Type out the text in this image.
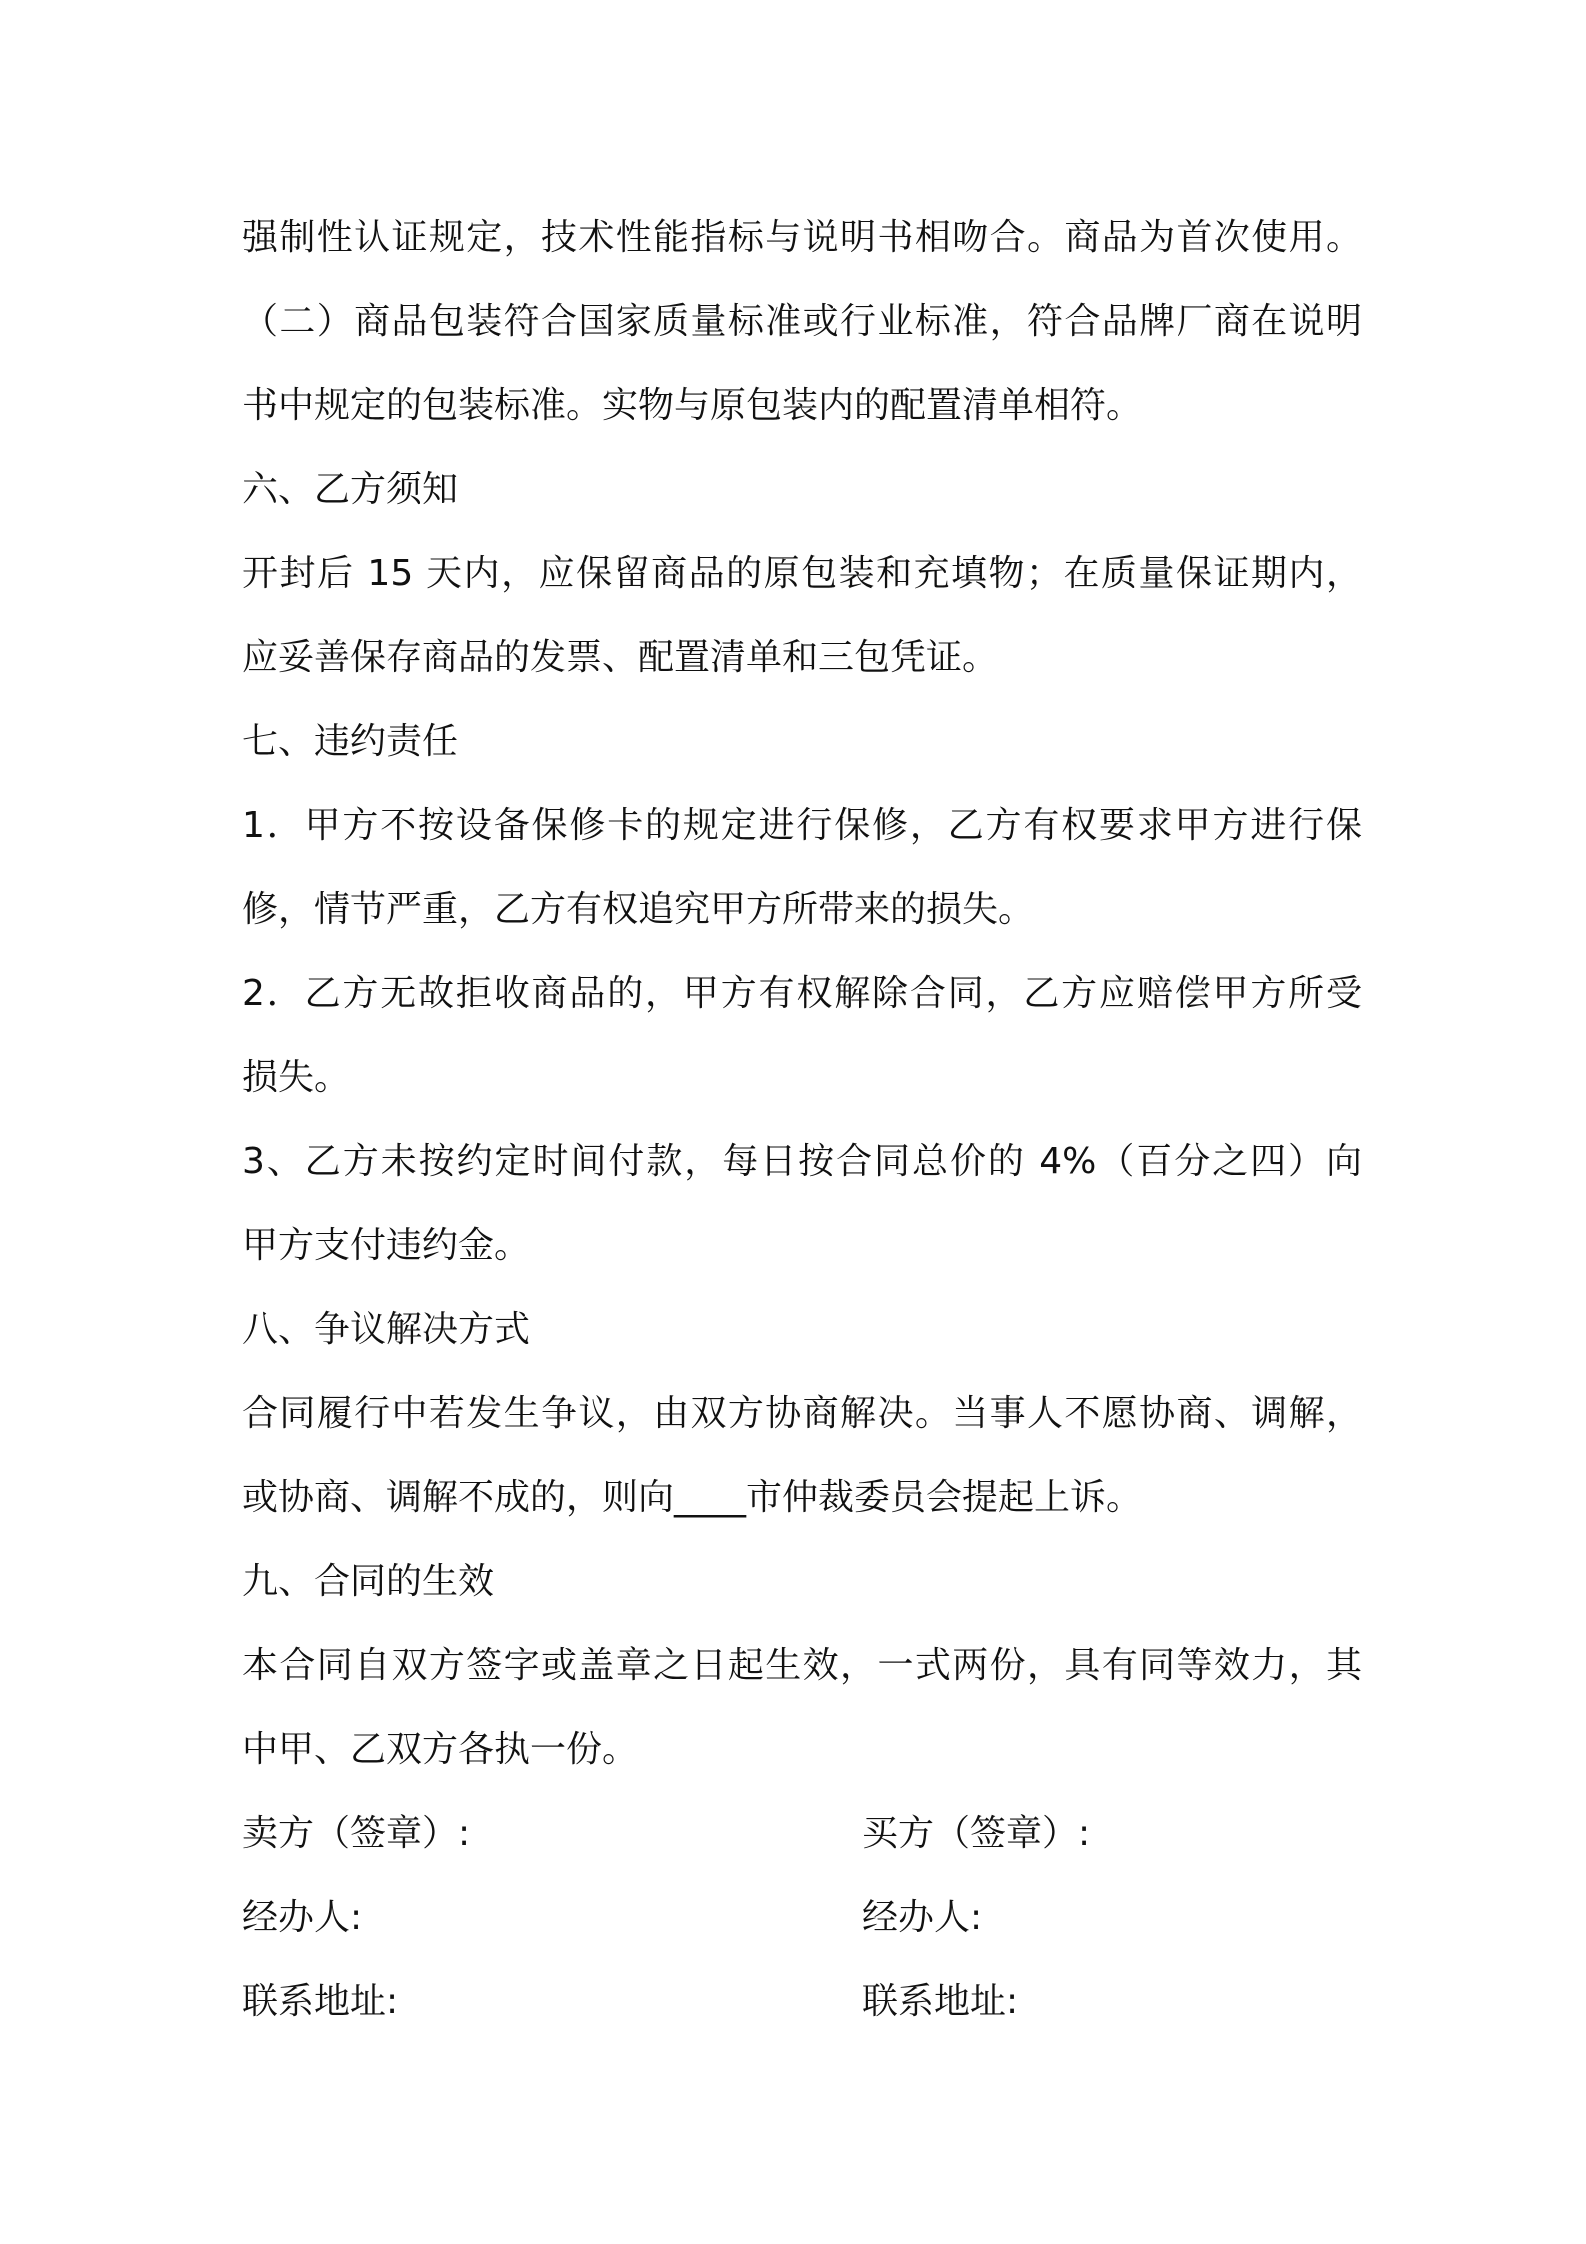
强制性认证规定，技术性能指标与说明书相吻合。商品为首次使用。
（二）商品包装符合国家质量标准或行业标准，符合品牌厂商在说明
书中规定的包装标准。实物与原包装内的配置清单相符。
六、乙方须知
开封后 15 天内，应保留商品的原包装和充填物；在质量保证期内，
应妥善保存商品的发票、配置清单和三包凭证。
七、违约责任
1．甲方不按设备保修卡的规定进行保修，乙方有权要求甲方进行保
修，情节严重，乙方有权追究甲方所带来的损失。
2．乙方无故拒收商品的，甲方有权解除合同，乙方应赔偿甲方所受
损失。
3、乙方未按约定时间付款，每日按合同总价的 4%（百分之四）向
甲方支付违约金。
八、争议解决方式
合同履行中若发生争议，由双方协商解决。当事人不愿协商、调解，
或协商、调解不成的，则向____市仲裁委员会提起上诉。
九、合同的生效
本合同自双方签字或盖章之日起生效，一式两份，具有同等效力，其
中甲、乙双方各执一份。
卖方（签章）:	买方（签章）:
经办人:	经办人:
联系地址:	联系地址:
